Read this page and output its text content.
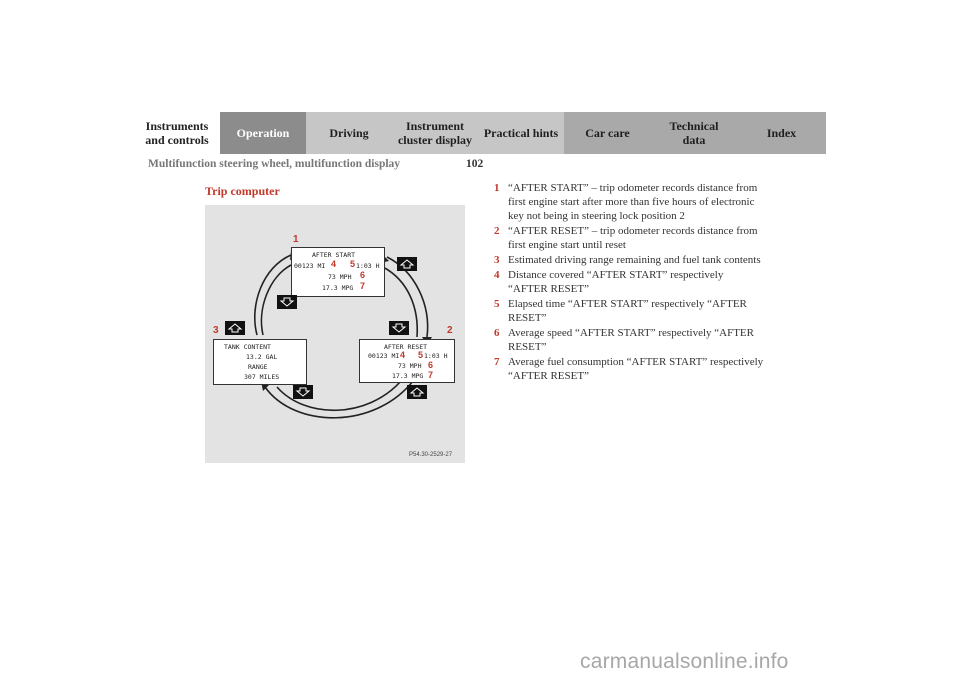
Instruments
and controls	Operation	Driving	Instrument
cluster display Practical hints	Car care	Technical
data	Index
Multifunction steering wheel, multifunction display	102
Trip computer
AFTER START
00123 MI	1:03 H
73 MPH
17.3 MPG
4 5
6
7
AFTER RESET
00123 MI	1:03 H
73 MPH
17.3 MPG
4 5
6
7
TANK CONTENT
13.2 GAL
RANGE
307 MILES
1
2
3
P54.30-2529-27
1 “AFTER START” – trip odometer records distance from first engine start after more than five hours of electronic key not being in steering lock position 2
2 “AFTER RESET” – trip odometer records distance from first engine start until reset
3 Estimated driving range remaining and fuel tank contents
4 Distance covered “AFTER START” respectively “AFTER RESET”
5 Elapsed time “AFTER START” respectively “AFTER RESET”
6 Average speed “AFTER START” respectively “AFTER RESET”
7 Average fuel consumption “AFTER START” respectively “AFTER RESET”
carmanualsonline.info
